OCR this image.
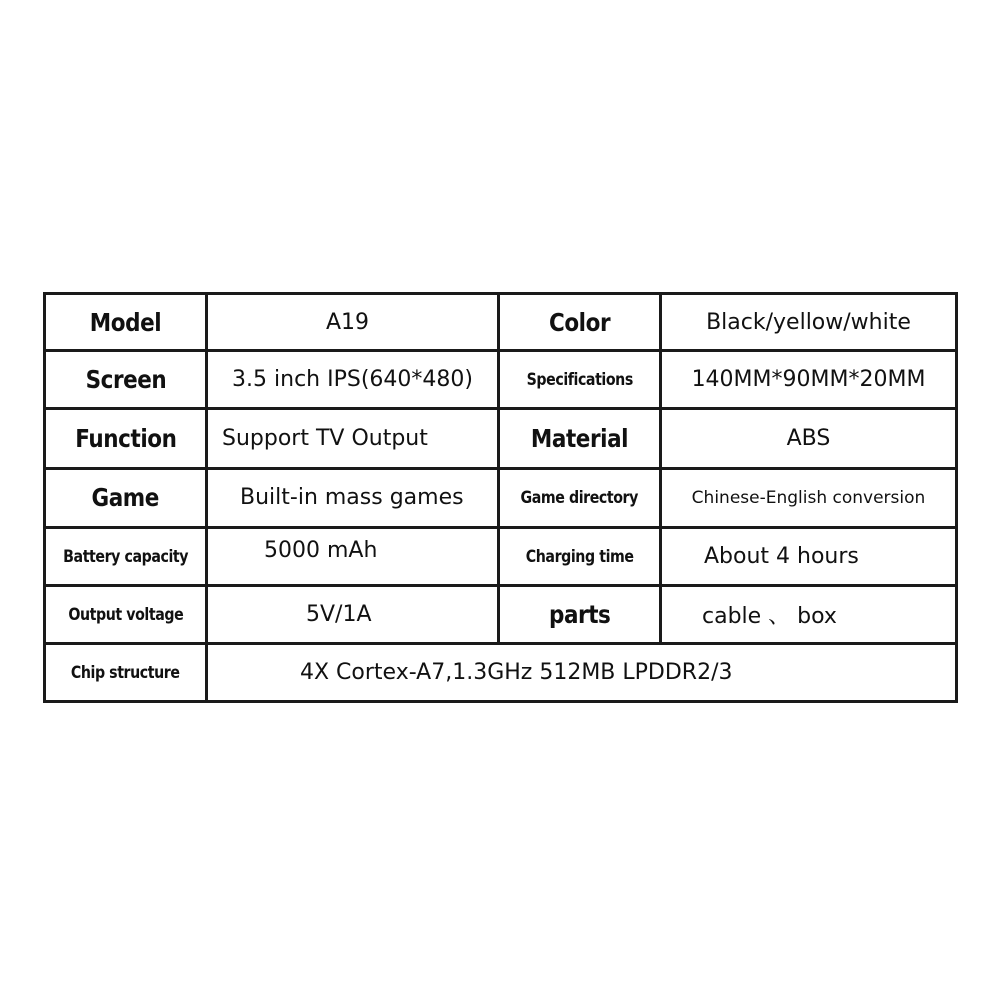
Model	A19	Color	Black/yellow/white

Screen	3.5 inch IPS(640*480)	Specifications	140MM*90MM*20MM

Function	Support TV Output	Material	ABS

Game	Built-in mass games	Game directory	Chinese-English conversion

Battery capacity	5000 mAh	Charging time	About 4 hours

Output voltage	5V/1A	parts	cable 、 box

Chip structure	4X Cortex-A7,1.3GHz 512MB LPDDR2/3		
